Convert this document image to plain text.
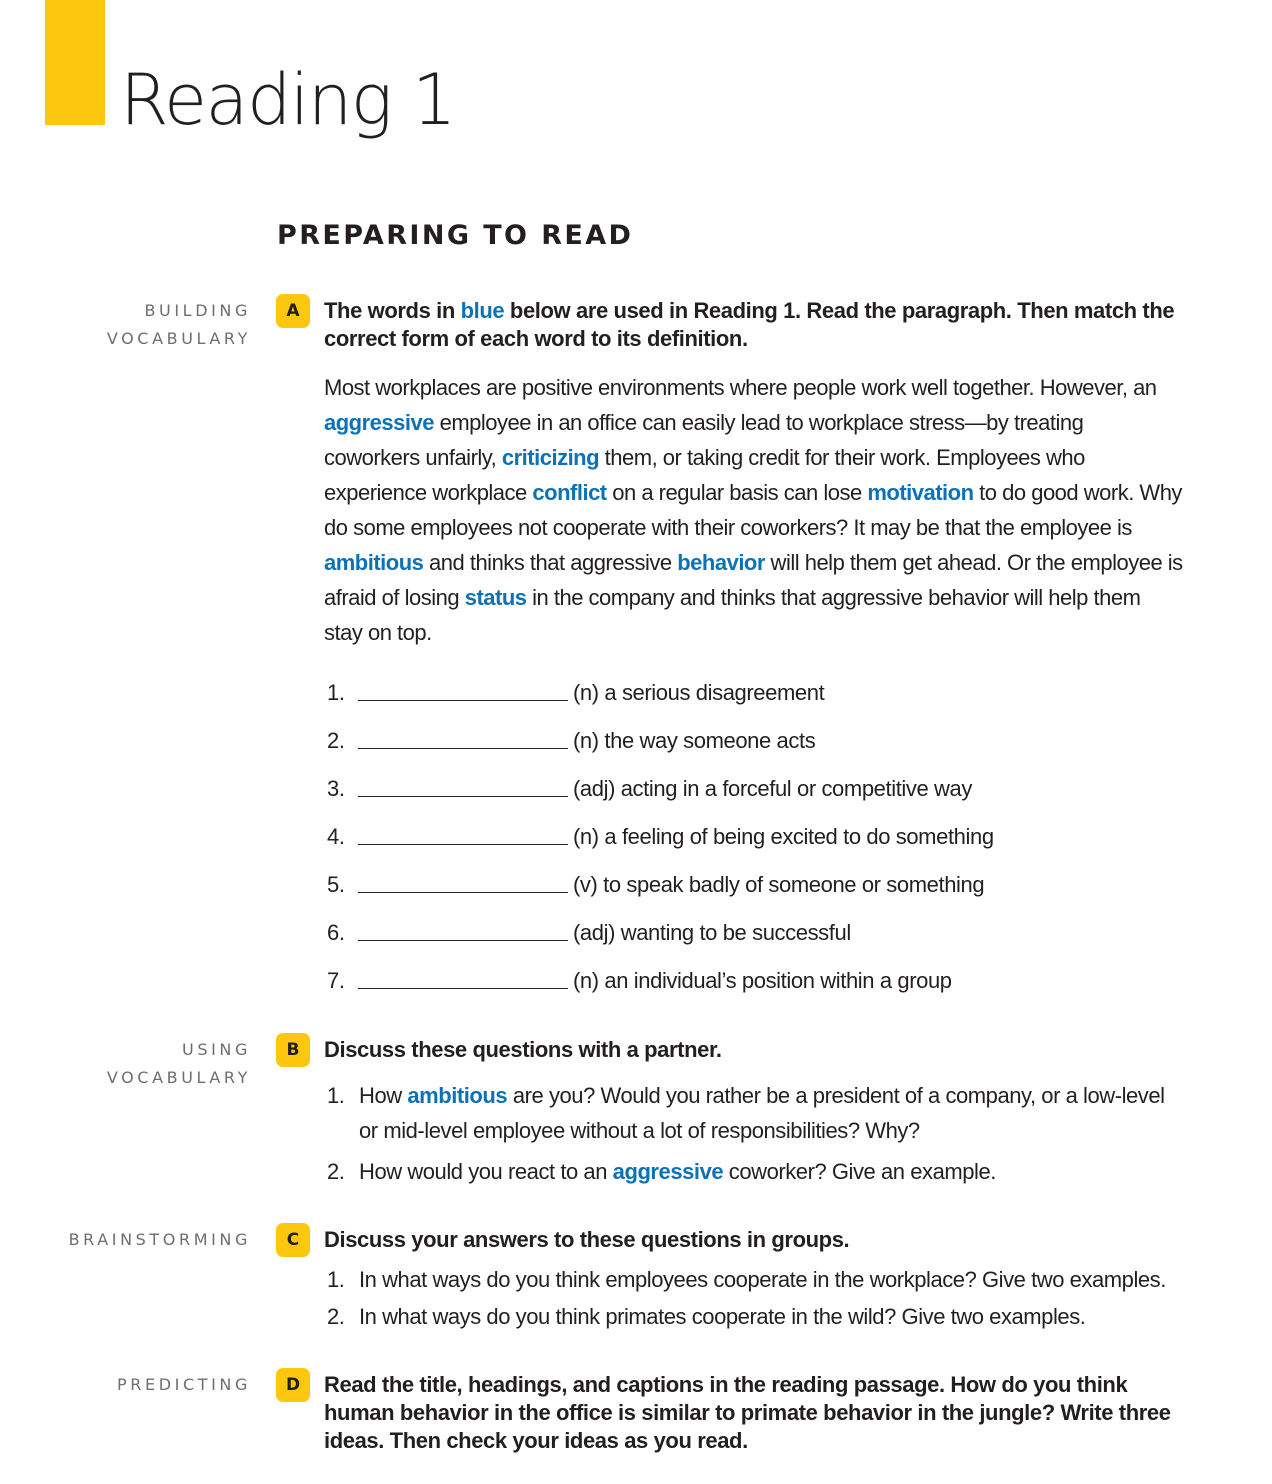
Reading 1
PREPARING TO READ
BUILDING
VOCABULARY
A	The words in blue below are used in Reading 1. Read the paragraph. Then match the correct form of each word to its definition.
Most workplaces are positive environments where people work well together. However, an aggressive employee in an office can easily lead to workplace stress—by treating coworkers unfairly, criticizing them, or taking credit for their work. Employees who experience workplace conflict on a regular basis can lose motivation to do good work. Why do some employees not cooperate with their coworkers? It may be that the employee is ambitious and thinks that aggressive behavior will help them get ahead. Or the employee is afraid of losing status in the company and thinks that aggressive behavior will help them stay on top.
1.	(n) a serious disagreement
2.	(n) the way someone acts
3.	(adj) acting in a forceful or competitive way
4.	(n) a feeling of being excited to do something
5.	(v) to speak badly of someone or something
6.	(adj) wanting to be successful
7.	(n) an individual’s position within a group
USING
VOCABULARY
B	Discuss these questions with a partner.
1. How ambitious are you? Would you rather be a president of a company, or a low-level or mid-level employee without a lot of responsibilities? Why?
2. How would you react to an aggressive coworker? Give an example.
BRAINSTORMING	C	Discuss your answers to these questions in groups.
1. In what ways do you think employees cooperate in the workplace? Give two examples.
2. In what ways do you think primates cooperate in the wild? Give two examples.
PREDICTING	D	Read the title, headings, and captions in the reading passage. How do you think human behavior in the office is similar to primate behavior in the jungle? Write three ideas. Then check your ideas as you read.
